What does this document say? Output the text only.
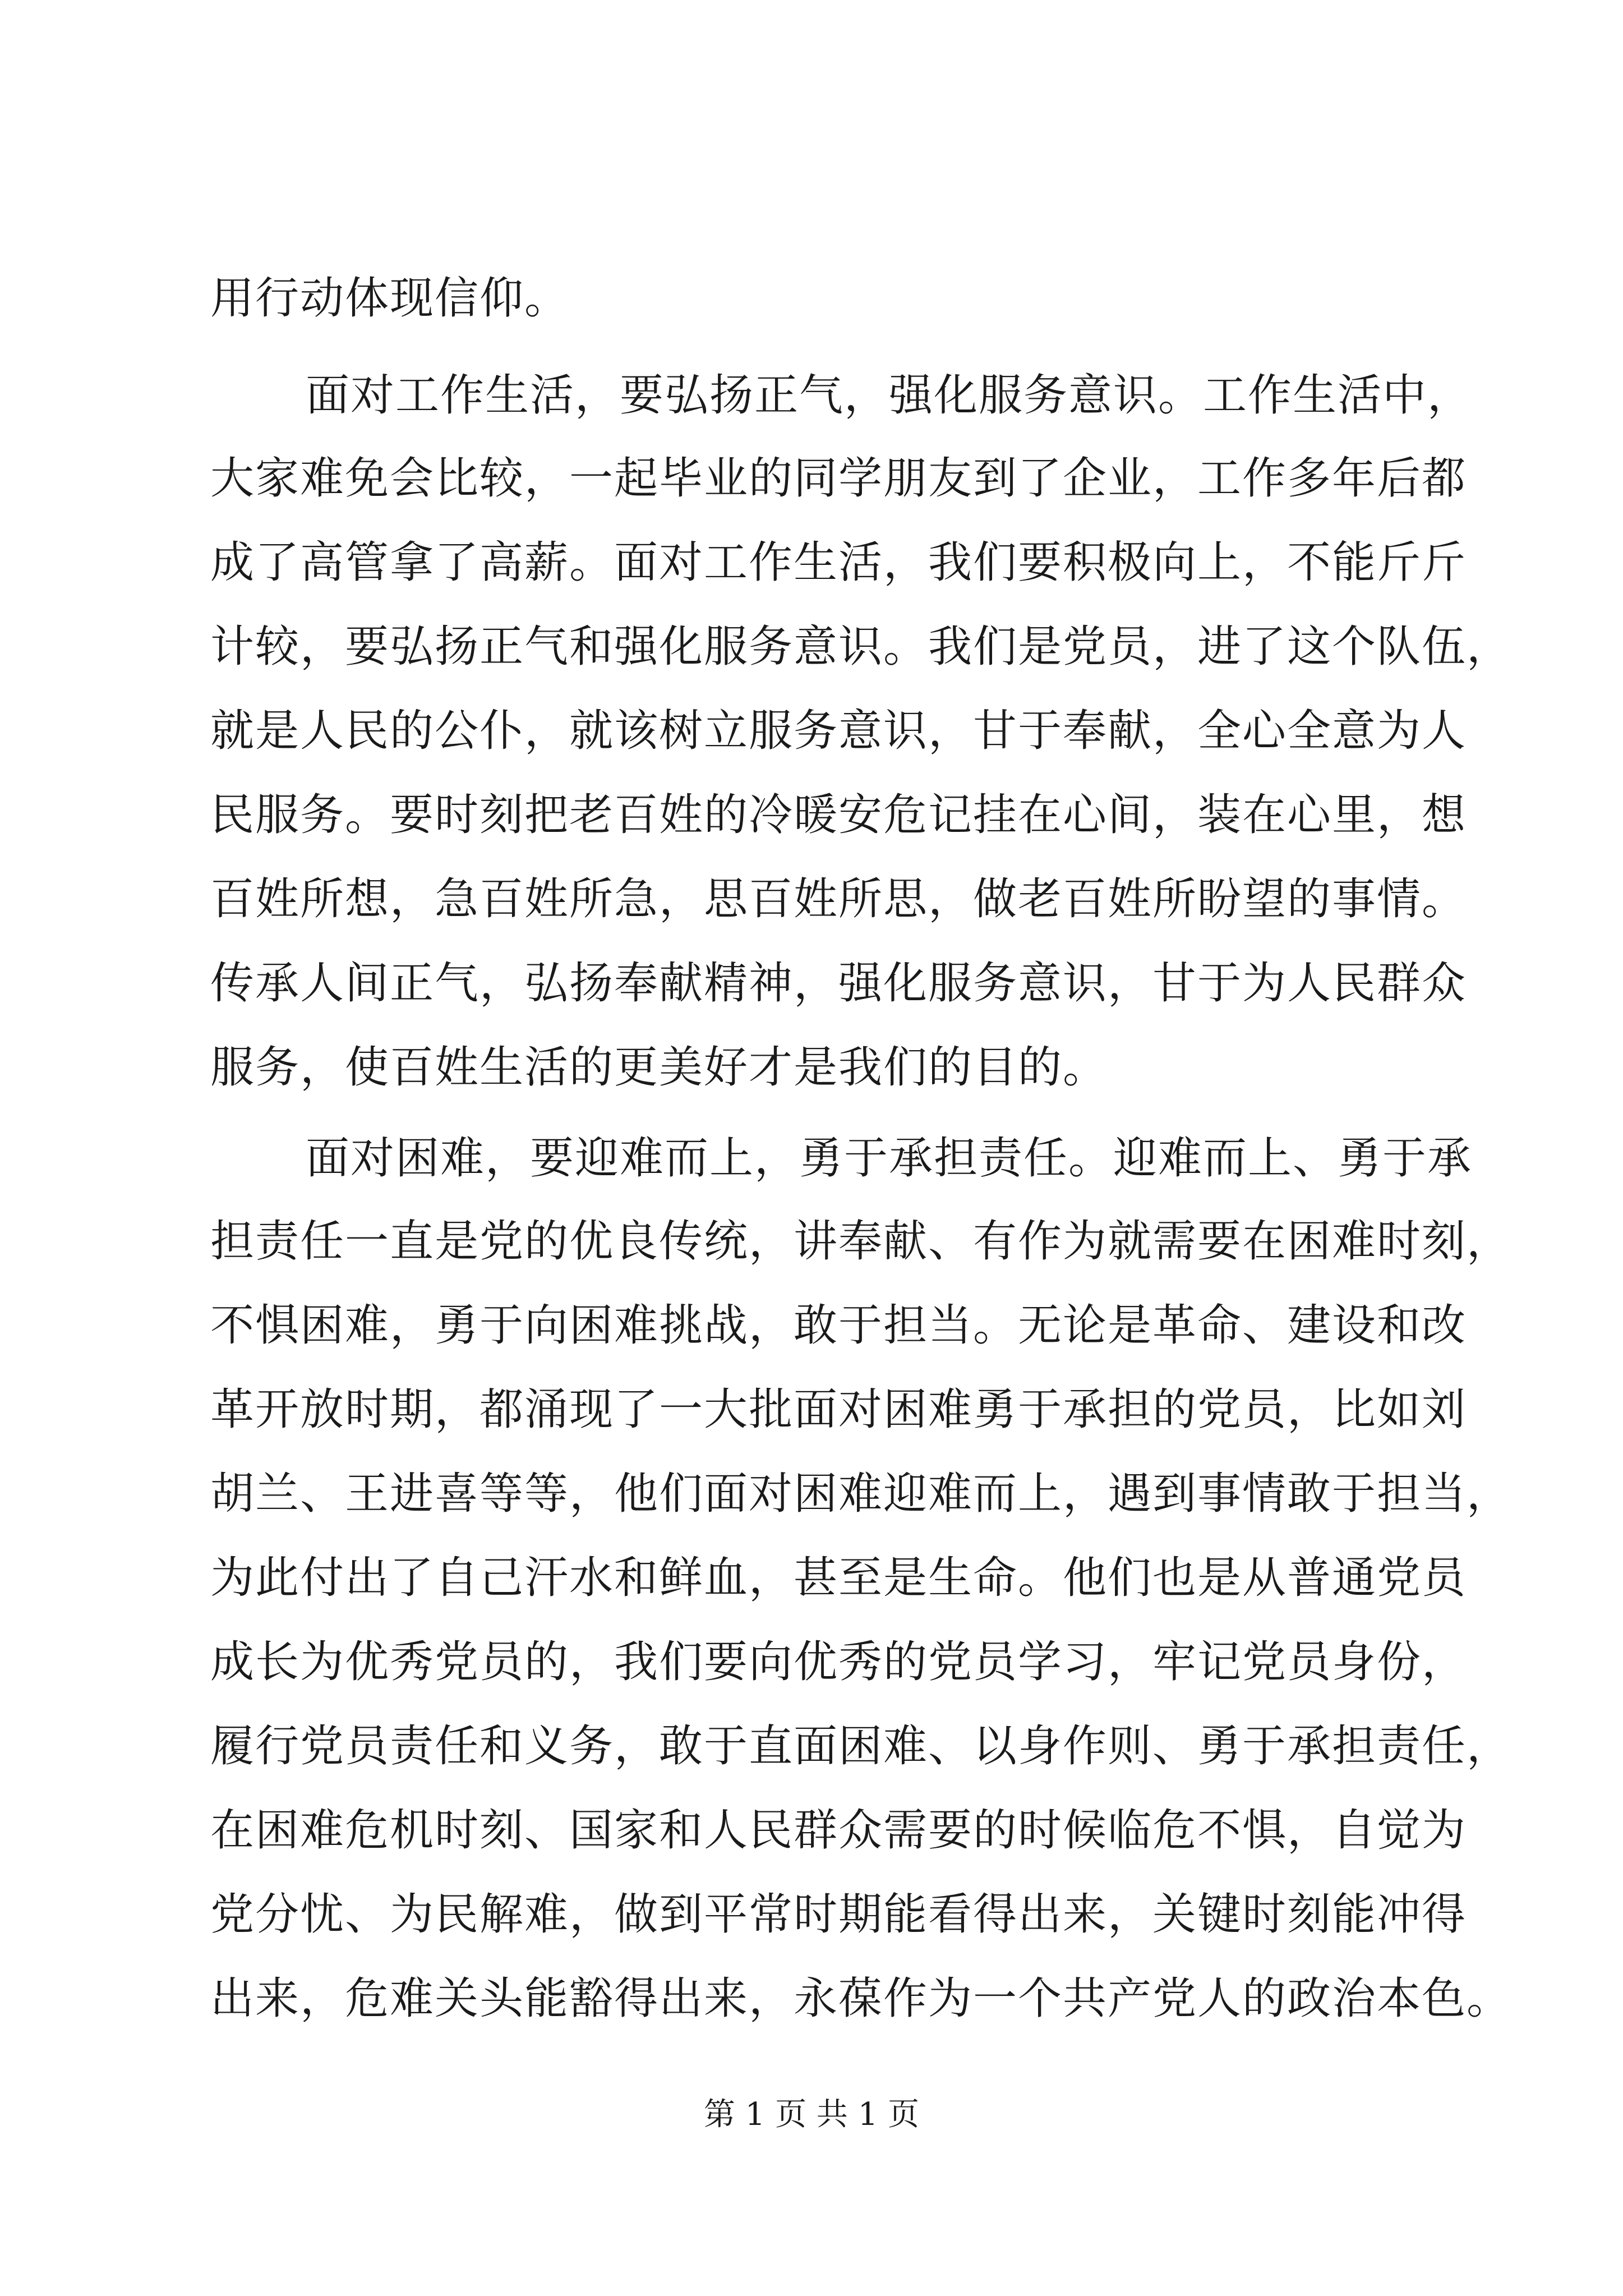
用行动体现信仰。
面对工作生活，要弘扬正气，强化服务意识。工作生活中，
大家难免会比较，一起毕业的同学朋友到了企业，工作多年后都
成了高管拿了高薪。面对工作生活，我们要积极向上，不能斤斤
计较，要弘扬正气和强化服务意识。我们是党员，进了这个队伍，
就是人民的公仆，就该树立服务意识，甘于奉献，全心全意为人
民服务。要时刻把老百姓的冷暖安危记挂在心间，装在心里，想
百姓所想，急百姓所急，思百姓所思，做老百姓所盼望的事情。
传承人间正气，弘扬奉献精神，强化服务意识，甘于为人民群众
服务，使百姓生活的更美好才是我们的目的。
面对困难，要迎难而上，勇于承担责任。迎难而上、勇于承
担责任一直是党的优良传统，讲奉献、有作为就需要在困难时刻，
不惧困难，勇于向困难挑战，敢于担当。无论是革命、建设和改
革开放时期，都涌现了一大批面对困难勇于承担的党员，比如刘
胡兰、王进喜等等，他们面对困难迎难而上，遇到事情敢于担当，
为此付出了自己汗水和鲜血，甚至是生命。他们也是从普通党员
成长为优秀党员的，我们要向优秀的党员学习，牢记党员身份，
履行党员责任和义务，敢于直面困难、以身作则、勇于承担责任，
在困难危机时刻、国家和人民群众需要的时候临危不惧，自觉为
党分忧、为民解难，做到平常时期能看得出来，关键时刻能冲得
出来，危难关头能豁得出来，永葆作为一个共产党人的政治本色。
第 1 页 共 1 页
